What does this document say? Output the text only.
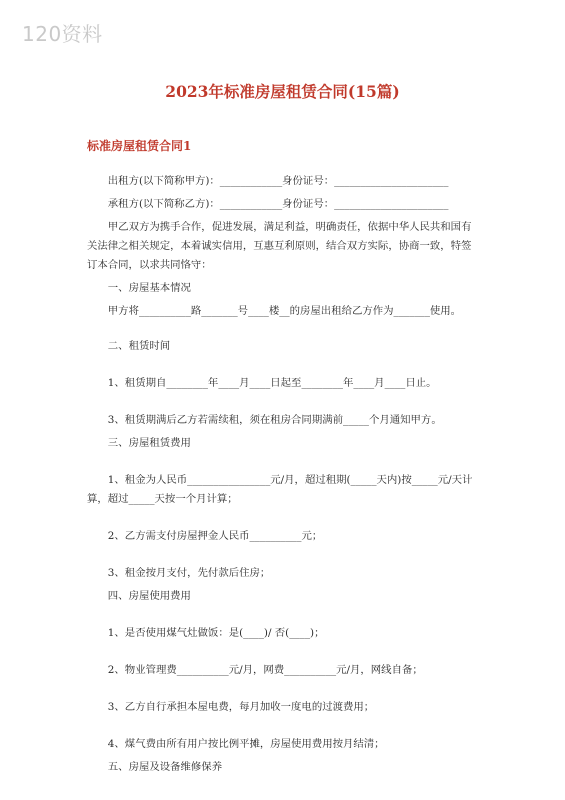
120资料
2023年标准房屋租赁合同(15篇)
标准房屋租赁合同1

出租方(以下简称甲方)：____________身份证号：______________________

承租方(以下简称乙方)：____________身份证号：______________________

甲乙双方为携手合作，促进发展，满足利益，明确责任，依据中华人民共和国有关法律之相关规定，本着诚实信用，互惠互利原则，结合双方实际，协商一致，特签订本合同，以求共同恪守：

一、房屋基本情况

甲方将__________路_______号____楼__的房屋出租给乙方作为_______使用。

二、租赁时间

1、租赁期自________年____月____日起至________年____月____日止。

3、租赁期满后乙方若需续租，须在租房合同期满前_____个月通知甲方。

三、房屋租赁费用

1、租金为人民币________________元/月，超过租期(_____天内)按_____元/天计算，超过_____天按一个月计算；

2、乙方需支付房屋押金人民币__________元；

3、租金按月支付，先付款后住房；

四、房屋使用费用

1、是否使用煤气灶做饭：是(____)/ 否(____)；

2、物业管理费__________元/月，网费__________元/月，网线自备；

3、乙方自行承担本屋电费，每月加收一度电的过渡费用；

4、煤气费由所有用户按比例平摊，房屋使用费用按月结清；

五、房屋及设备维修保养
